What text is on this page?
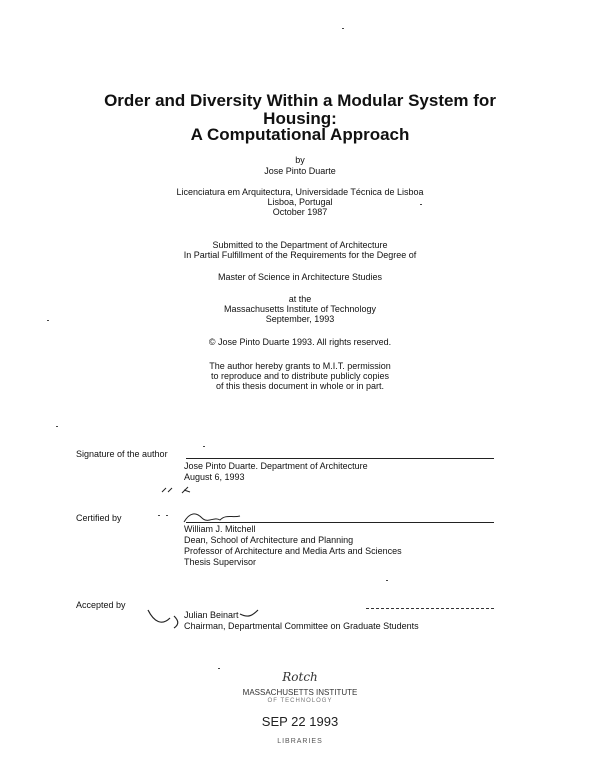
Order and Diversity Within a Modular System for
Housing:
A Computational Approach
by
Jose Pinto Duarte
Licenciatura em Arquitectura, Universidade Técnica de Lisboa
Lisboa, Portugal
October 1987
Submitted to the Department of Architecture
In Partial Fulfillment of the Requirements for the Degree of
Master of Science in Architecture Studies
at the
Massachusetts Institute of Technology
September, 1993
© Jose Pinto Duarte 1993. All rights reserved.
The author hereby grants to M.I.T. permission
to reproduce and to distribute publicly copies
of this thesis document in whole or in part.
Signature of the author
Jose Pinto Duarte. Department of Architecture
August 6, 1993
Certified by
William J. Mitchell
Dean, School of Architecture and Planning
Professor of Architecture and Media Arts and Sciences
Thesis Supervisor
Accepted by
Julian Beinart
Chairman, Departmental Committee on Graduate Students
Rotch
MASSACHUSETTS INSTITUTE
OF TECHNOLOGY
SEP 22 1993
LIBRARIES
